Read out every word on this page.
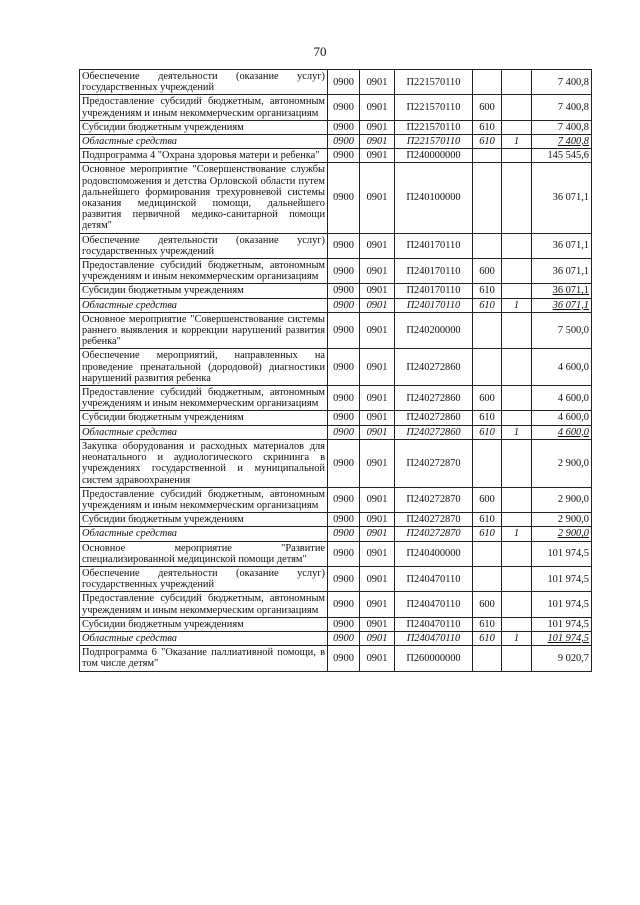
70
Обеспечение деятельности (оказание услуг) государственных учреждений	0900	0901	П221570110			7 400,8
Предоставление субсидий бюджетным, автономным учреждениям и иным некоммерческим организациям	0900	0901	П221570110	600		7 400,8
Субсидии бюджетным учреждениям	0900	0901	П221570110	610		7 400,8
Областные средства	0900	0901	П221570110	610	1	7 400,8
Подпрограмма 4 "Охрана здоровья матери и ребенка"	0900	0901	П240000000			145 545,6
Основное мероприятие "Совершенствование службы родовспоможения и детства Орловской области путем дальнейшего формирования трехуровневой системы оказания медицинской помощи, дальнейшего развития первичной медико-санитарной помощи детям"	0900	0901	П240100000			36 071,1
Обеспечение деятельности (оказание услуг) государственных учреждений	0900	0901	П240170110			36 071,1
Предоставление субсидий бюджетным, автономным учреждениям и иным некоммерческим организациям	0900	0901	П240170110	600		36 071,1
Субсидии бюджетным учреждениям	0900	0901	П240170110	610		36 071,1
Областные средства	0900	0901	П240170110	610	1	36 071,1
Основное мероприятие "Совершенствование системы раннего выявления и коррекции нарушений развития ребенка"	0900	0901	П240200000			7 500,0
Обеспечение мероприятий, направленных на проведение пренатальной (дородовой) диагностики нарушений развития ребенка	0900	0901	П240272860			4 600,0
Предоставление субсидий бюджетным, автономным учреждениям и иным некоммерческим организациям	0900	0901	П240272860	600		4 600,0
Субсидии бюджетным учреждениям	0900	0901	П240272860	610		4 600,0
Областные средства	0900	0901	П240272860	610	1	4 600,0
Закупка оборудования и расходных материалов для неонатального и аудиологического скрининга в учреждениях государственной и муниципальной систем здравоохранения	0900	0901	П240272870			2 900,0
Предоставление субсидий бюджетным, автономным учреждениям и иным некоммерческим организациям	0900	0901	П240272870	600		2 900,0
Субсидии бюджетным учреждениям	0900	0901	П240272870	610		2 900,0
Областные средства	0900	0901	П240272870	610	1	2 900,0
Основное мероприятие "Развитие специализированной медицинской помощи детям"	0900	0901	П240400000			101 974,5
Обеспечение деятельности (оказание услуг) государственных учреждений	0900	0901	П240470110			101 974,5
Предоставление субсидий бюджетным, автономным учреждениям и иным некоммерческим организациям	0900	0901	П240470110	600		101 974,5
Субсидии бюджетным учреждениям	0900	0901	П240470110	610		101 974,5
Областные средства	0900	0901	П240470110	610	1	101 974,5
Подпрограмма 6 "Оказание паллиативной помощи, в том числе детям"	0900	0901	П260000000			9 020,7
